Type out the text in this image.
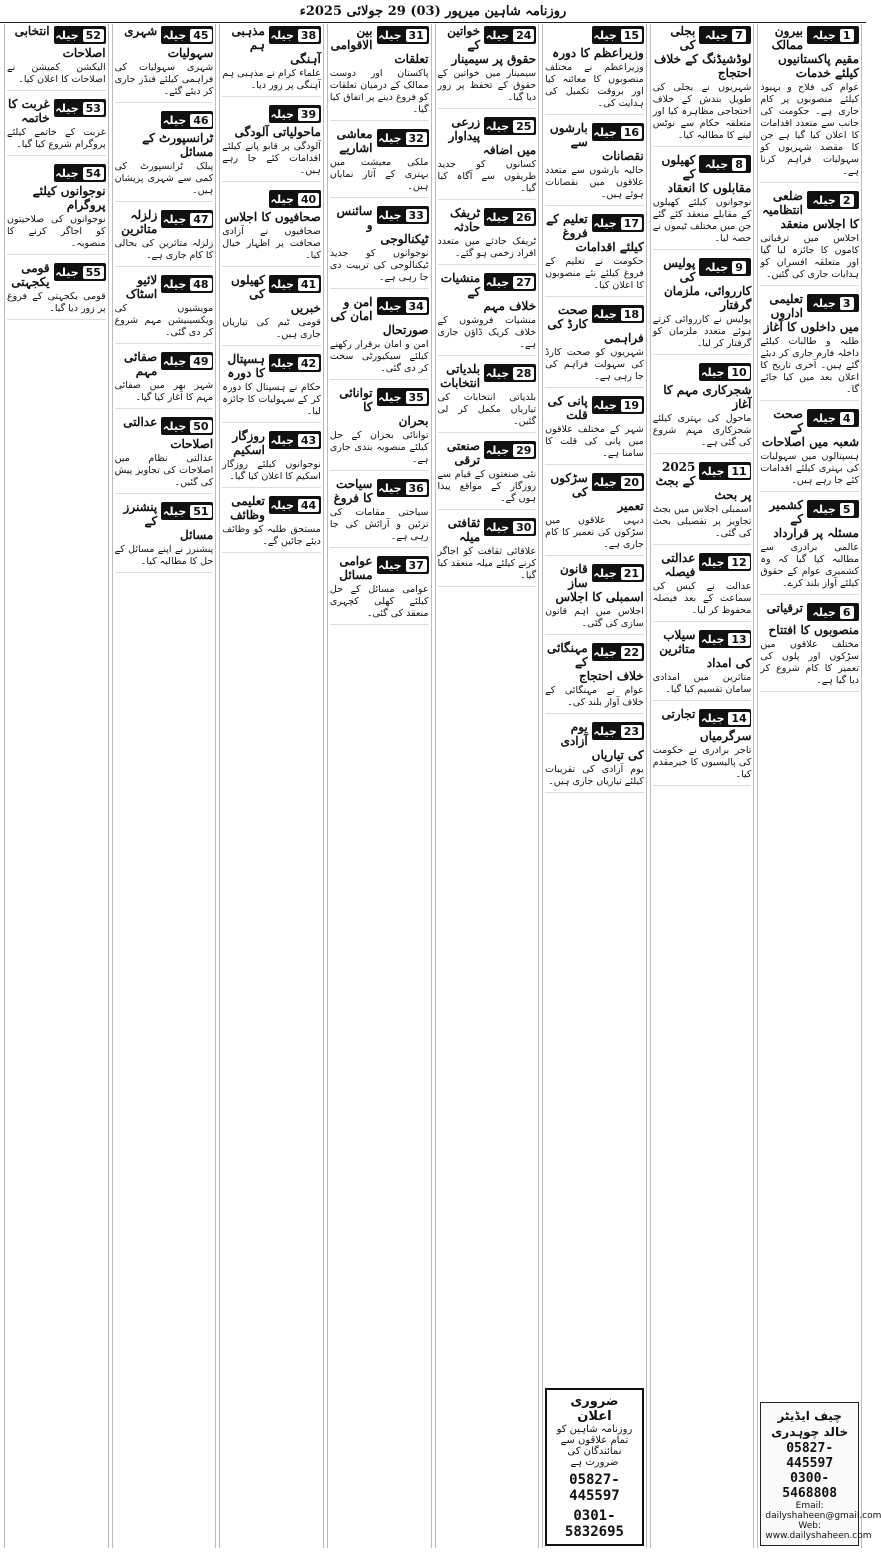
روزنامہ شاہین میرپور (03) 29 جولائی 2025ء
جیلہ 1
بیرون ممالک مقیم پاکستانیوں کیلئے خدمات
عوام کی فلاح و بہبود کیلئے منصوبوں پر کام جاری ہے۔ حکومت کی جانب سے متعدد اقدامات کا اعلان کیا گیا ہے جن کا مقصد شہریوں کو سہولیات فراہم کرنا ہے۔
جیلہ 2
ضلعی انتظامیہ کا اجلاس منعقد
اجلاس میں ترقیاتی کاموں کا جائزہ لیا گیا اور متعلقہ افسران کو ہدایات جاری کی گئیں۔
جیلہ 3
تعلیمی اداروں میں داخلوں کا آغاز
طلبہ و طالبات کیلئے داخلہ فارم جاری کر دیئے گئے ہیں۔ آخری تاریخ کا اعلان بعد میں کیا جائے گا۔
جیلہ 4
صحت کے شعبہ میں اصلاحات
ہسپتالوں میں سہولیات کی بہتری کیلئے اقدامات کئے جا رہے ہیں۔
جیلہ 5
کشمیر کے مسئلہ پر قرارداد
عالمی برادری سے مطالبہ کیا گیا کہ وہ کشمیری عوام کے حقوق کیلئے آواز بلند کرے۔
جیلہ 6
ترقیاتی منصوبوں کا افتتاح
مختلف علاقوں میں سڑکوں اور پلوں کی تعمیر کا کام شروع کر دیا گیا ہے۔
چیف ایڈیٹر
خالد چوہدری
05827-445597
0300-5468808
Email: dailyshaheen@gmail.com
Web: www.dailyshaheen.com
جیلہ 7
بجلی کی لوڈشیڈنگ کے خلاف احتجاج
شہریوں نے بجلی کی طویل بندش کے خلاف احتجاجی مظاہرہ کیا اور متعلقہ حکام سے نوٹس لینے کا مطالبہ کیا۔
جیلہ 8
کھیلوں کے مقابلوں کا انعقاد
نوجوانوں کیلئے کھیلوں کے مقابلے منعقد کئے گئے جن میں مختلف ٹیموں نے حصہ لیا۔
جیلہ 9
پولیس کی کارروائی، ملزمان گرفتار
پولیس نے کارروائی کرتے ہوئے متعدد ملزمان کو گرفتار کر لیا۔
جیلہ 10
شجرکاری مہم کا آغاز
ماحول کی بہتری کیلئے شجرکاری مہم شروع کی گئی ہے۔
جیلہ 11
2025 کے بجٹ پر بحث
اسمبلی اجلاس میں بجٹ تجاویز پر تفصیلی بحث کی گئی۔
جیلہ 12
عدالتی فیصلہ
عدالت نے کیس کی سماعت کے بعد فیصلہ محفوظ کر لیا۔
جیلہ 13
سیلاب متاثرین کی امداد
متاثرین میں امدادی سامان تقسیم کیا گیا۔
جیلہ 14
تجارتی سرگرمیاں
تاجر برادری نے حکومت کی پالیسیوں کا خیرمقدم کیا۔
جیلہ 15
وزیراعظم کا دورہ
وزیراعظم نے مختلف منصوبوں کا معائنہ کیا اور بروقت تکمیل کی ہدایت کی۔
جیلہ 16
بارشوں سے نقصانات
حالیہ بارشوں سے متعدد علاقوں میں نقصانات ہوئے ہیں۔
جیلہ 17
تعلیم کے فروغ کیلئے اقدامات
حکومت نے تعلیم کے فروغ کیلئے نئے منصوبوں کا اعلان کیا۔
جیلہ 18
صحت کارڈ کی فراہمی
شہریوں کو صحت کارڈ کی سہولت فراہم کی جا رہی ہے۔
جیلہ 19
پانی کی قلت
شہر کے مختلف علاقوں میں پانی کی قلت کا سامنا ہے۔
جیلہ 20
سڑکوں کی تعمیر
دیہی علاقوں میں سڑکوں کی تعمیر کا کام جاری ہے۔
جیلہ 21
قانون ساز اسمبلی کا اجلاس
اجلاس میں اہم قانون سازی کی گئی۔
جیلہ 22
مہنگائی کے خلاف احتجاج
عوام نے مہنگائی کے خلاف آواز بلند کی۔
جیلہ 23
یوم آزادی کی تیاریاں
یوم آزادی کی تقریبات کیلئے تیاریاں جاری ہیں۔
ضروری اعلان
روزنامہ شاہین کو تمام علاقوں سے نمائندگان کی ضرورت ہے
05827-445597
0301-5832695
جیلہ 24
خواتین کے حقوق پر سیمینار
سیمینار میں خواتین کے حقوق کے تحفظ پر زور دیا گیا۔
جیلہ 25
زرعی پیداوار میں اضافہ
کسانوں کو جدید طریقوں سے آگاہ کیا گیا۔
جیلہ 26
ٹریفک حادثہ
ٹریفک حادثے میں متعدد افراد زخمی ہو گئے۔
جیلہ 27
منشیات کے خلاف مہم
منشیات فروشوں کے خلاف کریک ڈاؤن جاری ہے۔
جیلہ 28
بلدیاتی انتخابات
بلدیاتی انتخابات کی تیاریاں مکمل کر لی گئیں۔
جیلہ 29
صنعتی ترقی
نئی صنعتوں کے قیام سے روزگار کے مواقع پیدا ہوں گے۔
جیلہ 30
ثقافتی میلہ
علاقائی ثقافت کو اجاگر کرنے کیلئے میلہ منعقد کیا گیا۔
جیلہ 31
بین الاقوامی تعلقات
پاکستان اور دوست ممالک کے درمیان تعلقات کو فروغ دینے پر اتفاق کیا گیا۔
جیلہ 32
معاشی اشاریے
ملکی معیشت میں بہتری کے آثار نمایاں ہیں۔
جیلہ 33
سائنس و ٹیکنالوجی
نوجوانوں کو جدید ٹیکنالوجی کی تربیت دی جا رہی ہے۔
جیلہ 34
امن و امان کی صورتحال
امن و امان برقرار رکھنے کیلئے سیکیورٹی سخت کر دی گئی۔
جیلہ 35
توانائی کا بحران
توانائی بحران کے حل کیلئے منصوبہ بندی جاری ہے۔
جیلہ 36
سیاحت کا فروغ
سیاحتی مقامات کی تزئین و آرائش کی جا رہی ہے۔
جیلہ 37
عوامی مسائل
عوامی مسائل کے حل کیلئے کھلی کچہری منعقد کی گئی۔
جیلہ 38
مذہبی ہم آہنگی
علماء کرام نے مذہبی ہم آہنگی پر زور دیا۔
جیلہ 39
ماحولیاتی آلودگی
آلودگی پر قابو پانے کیلئے اقدامات کئے جا رہے ہیں۔
جیلہ 40
صحافیوں کا اجلاس
صحافیوں نے آزادی صحافت پر اظہار خیال کیا۔
جیلہ 41
کھیلوں کی خبریں
قومی ٹیم کی تیاریاں جاری ہیں۔
جیلہ 42
ہسپتال کا دورہ
حکام نے ہسپتال کا دورہ کر کے سہولیات کا جائزہ لیا۔
جیلہ 43
روزگار اسکیم
نوجوانوں کیلئے روزگار اسکیم کا اعلان کیا گیا۔
جیلہ 44
تعلیمی وظائف
مستحق طلبہ کو وظائف دیئے جائیں گے۔
جیلہ 45
شہری سہولیات
شہری سہولیات کی فراہمی کیلئے فنڈز جاری کر دیئے گئے۔
جیلہ 46
ٹرانسپورٹ کے مسائل
پبلک ٹرانسپورٹ کی کمی سے شہری پریشان ہیں۔
جیلہ 47
زلزلہ متاثرین
زلزلہ متاثرین کی بحالی کا کام جاری ہے۔
جیلہ 48
لائیو اسٹاک
مویشیوں کی ویکسینیشن مہم شروع کر دی گئی۔
جیلہ 49
صفائی مہم
شہر بھر میں صفائی مہم کا آغاز کیا گیا۔
جیلہ 50
عدالتی اصلاحات
عدالتی نظام میں اصلاحات کی تجاویز پیش کی گئیں۔
جیلہ 51
پنشنرز کے مسائل
پنشنرز نے اپنے مسائل کے حل کا مطالبہ کیا۔
جیلہ 52
انتخابی اصلاحات
الیکشن کمیشن نے اصلاحات کا اعلان کیا۔
جیلہ 53
غربت کا خاتمہ
غربت کے خاتمے کیلئے پروگرام شروع کیا گیا۔
جیلہ 54
نوجوانوں کیلئے پروگرام
نوجوانوں کی صلاحیتوں کو اجاگر کرنے کا منصوبہ۔
جیلہ 55
قومی یکجہتی
قومی یکجہتی کے فروغ پر زور دیا گیا۔
